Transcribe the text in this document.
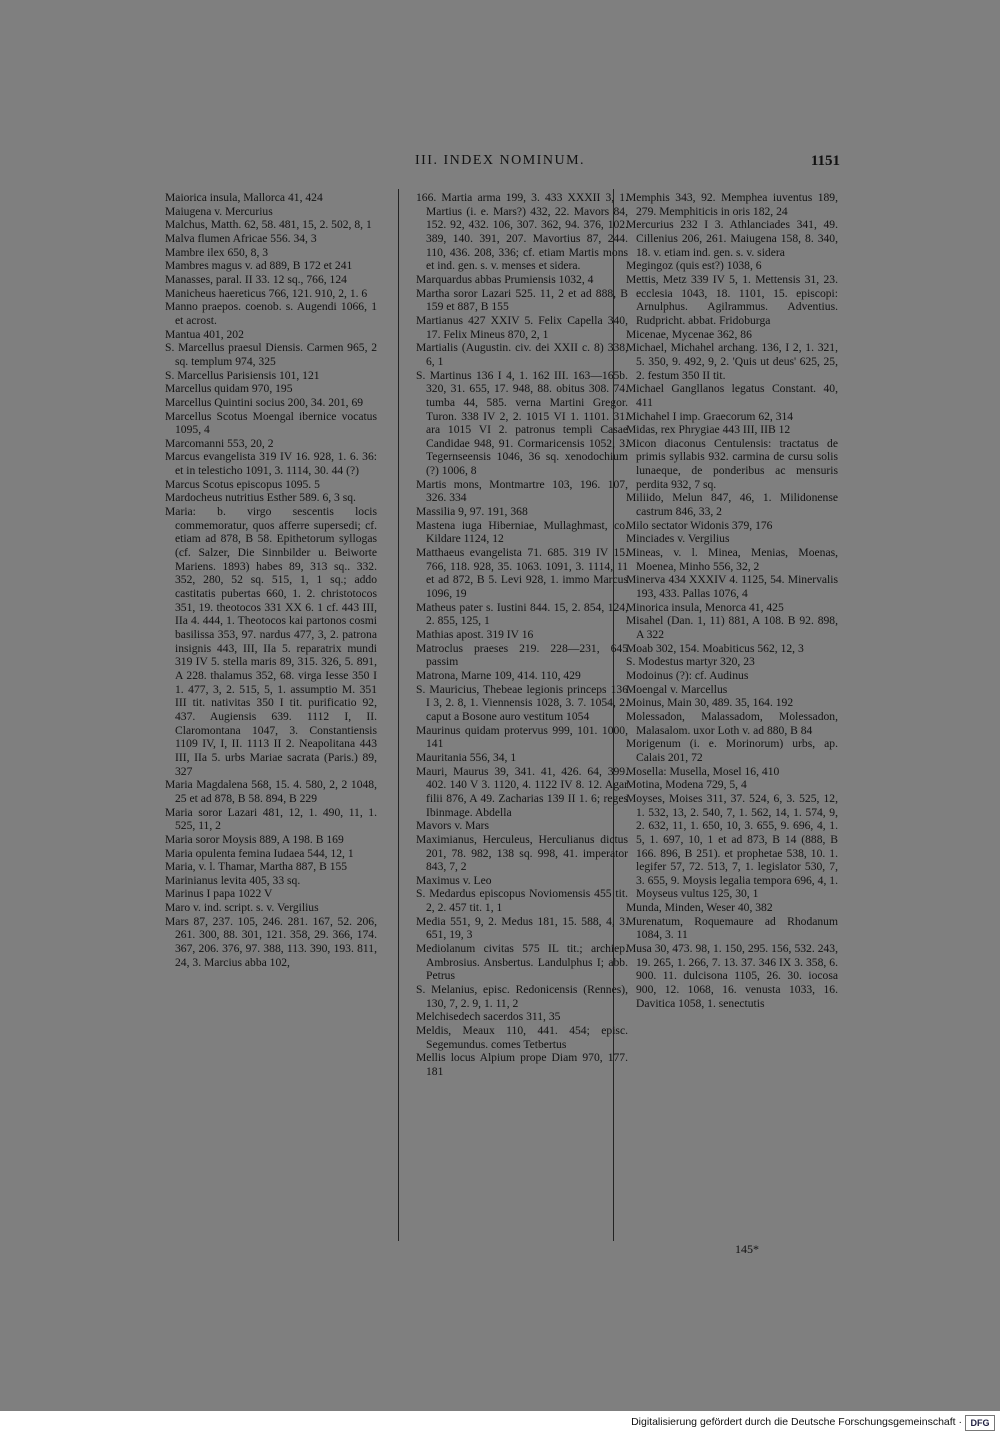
III. INDEX NOMINUM.	1151

Maiorica insula, Mallorca 41, 424

Maiugena v. Mercurius

Malchus, Matth. 62, 58. 481, 15, 2. 502, 8, 1

Malva flumen Africae 556. 34, 3

Mambre ilex 650, 8, 3

Mambres magus v. ad 889, B 172 et 241

Manasses, paral. II 33. 12 sq., 766, 124

Manicheus haereticus 766, 121. 910, 2, 1. 6

Manno praepos. coenob. s. Augendi 1066, 1 et acrost.

Mantua 401, 202

S. Marcellus praesul Diensis. Carmen 965, 2 sq. templum 974, 325

S. Marcellus Parisiensis 101, 121

Marcellus quidam 970, 195

Marcellus Quintini socius 200, 34. 201, 69

Marcellus Scotus Moengal ibernice vocatus 1095, 4

Marcomanni 553, 20, 2

Marcus evangelista 319 IV 16. 928, 1. 6. 36: et in telesticho 1091, 3. 1114, 30. 44 (?)

Marcus Scotus episcopus 1095. 5

Mardocheus nutritius Esther 589. 6, 3 sq.

Maria: b. virgo sescentis locis commemoratur, quos afferre supersedi; cf. etiam ad 878, B 58. Epithetorum syllogas (cf. Salzer, Die Sinnbilder u. Beiworte Mariens. 1893) habes 89, 313 sq.. 332. 352, 280, 52 sq. 515, 1, 1 sq.; addo castitatis pubertas 660, 1. 2. christotocos 351, 19. theotocos 331 XX 6. 1 cf. 443 III, IIa 4. 444, 1. Theotocos kai partonos cosmi basilissa 353, 97. nardus 477, 3, 2. patrona insignis 443, III, IIa 5. reparatrix mundi 319 IV 5. stella maris 89, 315. 326, 5. 891, A 228. thalamus 352, 68. virga Iesse 350 I 1. 477, 3, 2. 515, 5, 1. assumptio M. 351 III tit. nativitas 350 I tit. purificatio 92, 437. Augiensis 639. 1112 I, II. Claromontana 1047, 3. Constantiensis 1109 IV, I, II. 1113 II 2. Neapolitana 443 III, IIa 5. urbs Mariae sacrata (Paris.) 89, 327

Maria Magdalena 568, 15. 4. 580, 2, 2 1048, 25 et ad 878, B 58. 894, B 229

Maria soror Lazari 481, 12, 1. 490, 11, 1. 525, 11, 2

Maria soror Moysis 889, A 198. B 169

Maria opulenta femina Iudaea 544, 12, 1

Maria, v. l. Thamar, Martha 887, B 155

Marinianus levita 405, 33 sq.

Marinus I papa 1022 V

Maro v. ind. script. s. v. Vergilius

Mars 87, 237. 105, 246. 281. 167, 52. 206, 261. 300, 88. 301, 121. 358, 29. 366, 174. 367, 206. 376, 97. 388, 113. 390, 193. 811, 24, 3. Marcius abba 102,

166. Martia arma 199, 3. 433 XXXII 3, 1. Martius (i. e. Mars?) 432, 22. Mavors 84, 152. 92, 432. 106, 307. 362, 94. 376, 102. 389, 140. 391, 207. Mavortius 87, 244. 110, 436. 208, 336; cf. etiam Martis mons et ind. gen. s. v. menses et sidera.

Marquardus abbas Prumiensis 1032, 4

Martha soror Lazari 525. 11, 2 et ad 888, B 159 et 887, B 155

Martianus 427 XXIV 5. Felix Capella 340, 17. Felix Mineus 870, 2, 1

Martialis (Augustin. civ. dei XXII c. 8) 338, 6, 1

S. Martinus 136 I 4, 1. 162 III. 163—165b. 320, 31. 655, 17. 948, 88. obitus 308. 74. tumba 44, 585. verna Martini Gregor. Turon. 338 IV 2, 2. 1015 VI 1. 1101. 31. ara 1015 VI 2. patronus templi Casae Candidae 948, 91. Cormaricensis 1052, 3. Tegernseensis 1046, 36 sq. xenodochium (?) 1006, 8

Martis mons, Montmartre 103, 196. 107, 326. 334

Massilia 9, 97. 191, 368

Mastena iuga Hiberniae, Mullaghmast, co. Kildare 1124, 12

Matthaeus evangelista 71. 685. 319 IV 15. 766, 118. 928, 35. 1063. 1091, 3. 1114, 11 et ad 872, B 5. Levi 928, 1. immo Marcus 1096, 19

Matheus pater s. Iustini 844. 15, 2. 854, 124, 2. 855, 125, 1

Mathias apost. 319 IV 16

Matroclus praeses 219. 228—231, 645 passim

Matrona, Marne 109, 414. 110, 429

S. Mauricius, Thebeae legionis princeps 136 I 3, 2. 8, 1. Viennensis 1028, 3. 7. 1054, 2. caput a Bosone auro vestitum 1054

Maurinus quidam protervus 999, 101. 1000, 141

Mauritania 556, 34, 1

Mauri, Maurus 39, 341. 41, 426. 64, 399. 402. 140 V 3. 1120, 4. 1122 IV 8. 12. Agar filii 876, A 49. Zacharias 139 II 1. 6; reges Ibinmage. Abdella

Mavors v. Mars

Maximianus, Herculeus, Herculianus dictus 201, 78. 982, 138 sq. 998, 41. imperator 843, 7, 2

Maximus v. Leo

S. Medardus episcopus Noviomensis 455 tit. 2, 2. 457 tit. 1, 1

Media 551, 9, 2. Medus 181, 15. 588, 4, 3. 651, 19, 3

Mediolanum civitas 575 IL tit.; archiep. Ambrosius. Ansbertus. Landulphus I; abb. Petrus

S. Melanius, episc. Redonicensis (Rennes), 130, 7, 2. 9, 1. 11, 2

Melchisedech sacerdos 311, 35

Meldis, Meaux 110, 441. 454; episc. Segemundus. comes Tetbertus

Mellis locus Alpium prope Diam 970, 177. 181

Memphis 343, 92. Memphea iuventus 189, 279. Memphiticis in oris 182, 24

Mercurius 232 I 3. Athlanciades 341, 49. Cillenius 206, 261. Maiugena 158, 8. 340, 18. v. etiam ind. gen. s. v. sidera

Megingoz (quis est?) 1038, 6

Mettis, Metz 339 IV 5, 1. Mettensis 31, 23. ecclesia 1043, 18. 1101, 15. episcopi: Arnulphus. Agilrammus. Adventius. Rudpricht. abbat. Fridoburga

Micenae, Mycenae 362, 86

Michael, Michahel archang. 136, I 2, 1. 321, 5. 350, 9. 492, 9, 2. 'Quis ut deus' 625, 25, 2. festum 350 II tit.

Michael Gangllanos legatus Constant. 40, 411

Michahel I imp. Graecorum 62, 314

Midas, rex Phrygiae 443 III, IIB 12

Micon diaconus Centulensis: tractatus de primis syllabis 932. carmina de cursu solis lunaeque, de ponderibus ac mensuris perdita 932, 7 sq.

Miliido, Melun 847, 46, 1. Milidonense castrum 846, 33, 2

Milo sectator Widonis 379, 176

Minciades v. Vergilius

Mineas, v. l. Minea, Menias, Moenas, Moenea, Minho 556, 32, 2

Minerva 434 XXXIV 4. 1125, 54. Minervalis 193, 433. Pallas 1076, 4

Minorica insula, Menorca 41, 425

Misahel (Dan. 1, 11) 881, A 108. B 92. 898, A 322

Moab 302, 154. Moabiticus 562, 12, 3

S. Modestus martyr 320, 23

Modoinus (?): cf. Audinus

Moengal v. Marcellus

Moinus, Main 30, 489. 35, 164. 192

Molessadon, Malassadom, Molessadon, Malasalom. uxor Loth v. ad 880, B 84

Morigenum (i. e. Morinorum) urbs, ap. Calais 201, 72

Mosella: Musella, Mosel 16, 410

Motina, Modena 729, 5, 4

Moyses, Moises 311, 37. 524, 6, 3. 525, 12, 1. 532, 13, 2. 540, 7, 1. 562, 14, 1. 574, 9, 2. 632, 11, 1. 650, 10, 3. 655, 9. 696, 4, 1. 5, 1. 697, 10, 1 et ad 873, B 14 (888, B 166. 896, B 251). et prophetae 538, 10. 1. legifer 57, 72. 513, 7, 1. legislator 530, 7, 3. 655, 9. Moysis legalia tempora 696, 4, 1. Moyseus vultus 125, 30, 1

Munda, Minden, Weser 40, 382

Murenatum, Roquemaure ad Rhodanum 1084, 3. 11

Musa 30, 473. 98, 1. 150, 295. 156, 532. 243, 19. 265, 1. 266, 7. 13. 37. 346 IX 3. 358, 6. 900. 11. dulcisona 1105, 26. 30. iocosa 900, 12. 1068, 16. venusta 1033, 16. Davitica 1058, 1. senectutis

145*
Digitalisierung gefördert durch die Deutsche Forschungsgemeinschaft · DFG
